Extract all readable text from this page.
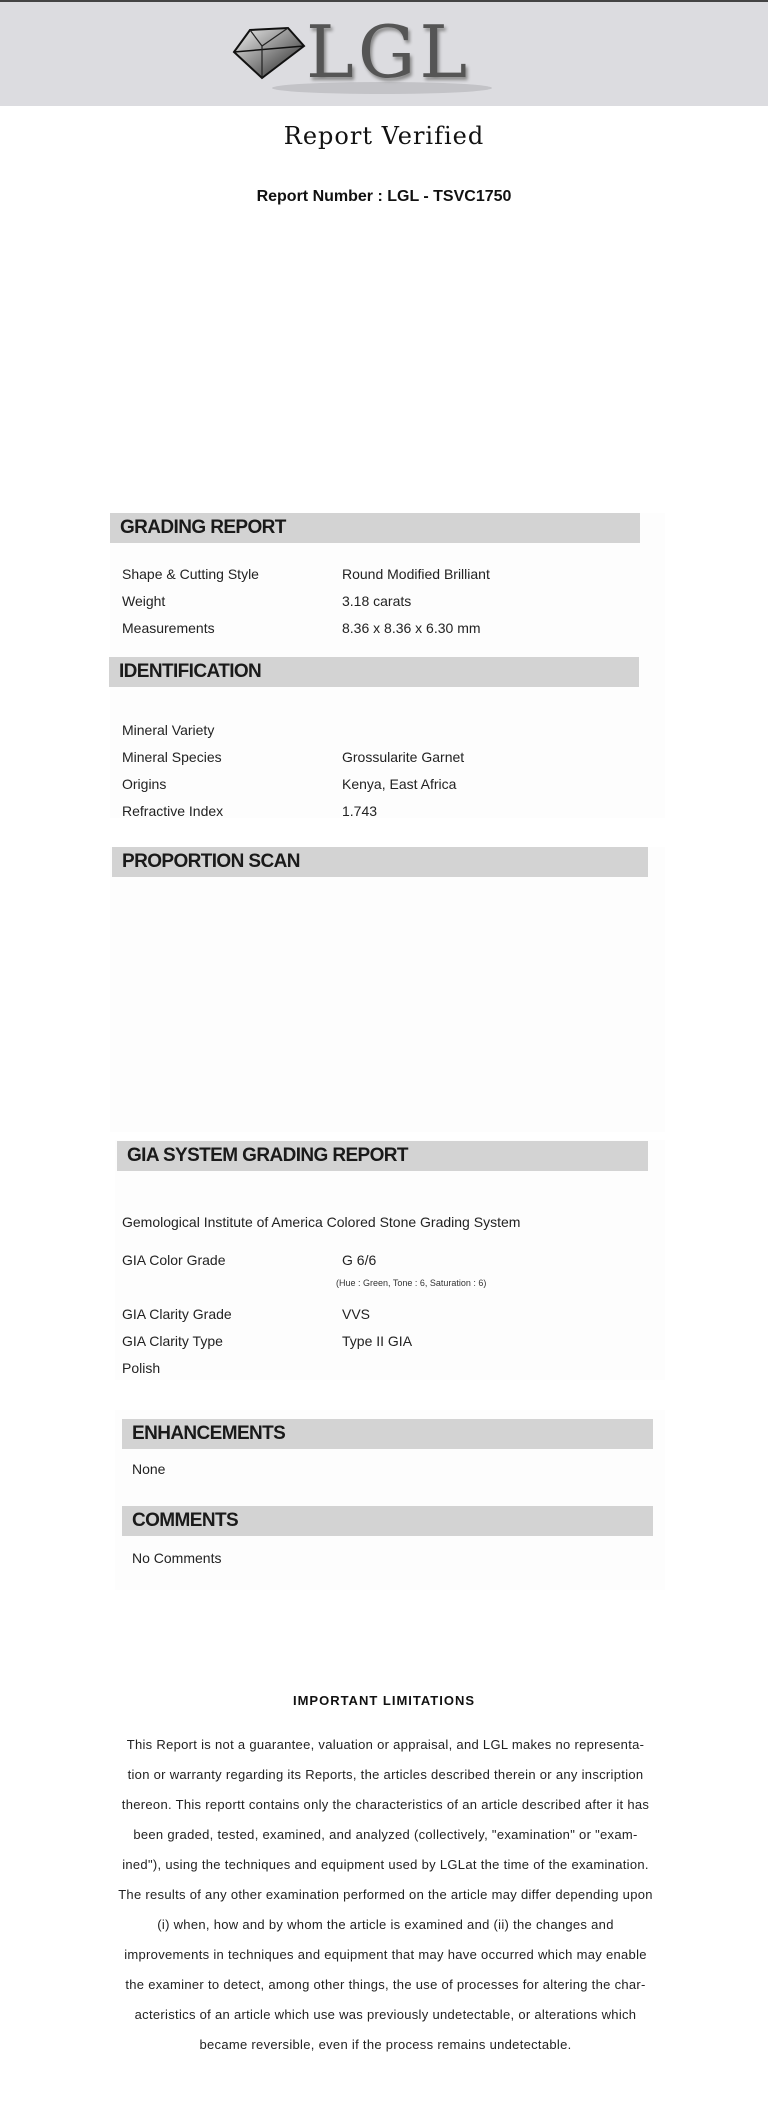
LGL
Report Verified
Report Number : LGL - TSVC1750
GRADING REPORT
Shape & Cutting Style	Round Modified Brilliant
Weight	3.18 carats
Measurements	8.36 x 8.36 x 6.30 mm
IDENTIFICATION
Mineral Variety
Mineral Species	Grossularite Garnet
Origins	Kenya, East Africa
Refractive Index	1.743
PROPORTION SCAN
GIA SYSTEM GRADING REPORT
Gemological Institute of America Colored Stone Grading System
GIA Color Grade	G 6/6
(Hue : Green, Tone : 6, Saturation : 6)
GIA Clarity Grade	VVS
GIA Clarity Type	Type II GIA
Polish
ENHANCEMENTS
None
COMMENTS
No Comments
IMPORTANT LIMITATIONS
This Report is not a guarantee, valuation or appraisal, and LGL makes no representa-tion or warranty regarding its Reports, the articles described therein or any inscription thereon. This reportt contains only the characteristics of an article described after it has been graded, tested, examined, and analyzed (collectively, "examination" or "exam-ined"), using the techniques and equipment used by LGLat the time of the examination. The results of any other examination performed on the article may differ depending upon (i) when, how and by whom the article is examined and (ii) the changes and improvements in techniques and equipment that may have occurred which may enable the examiner to detect, among other things, the use of processes for altering the char-acteristics of an article which use was previously undetectable, or alterations which became reversible, even if the process remains undetectable.
